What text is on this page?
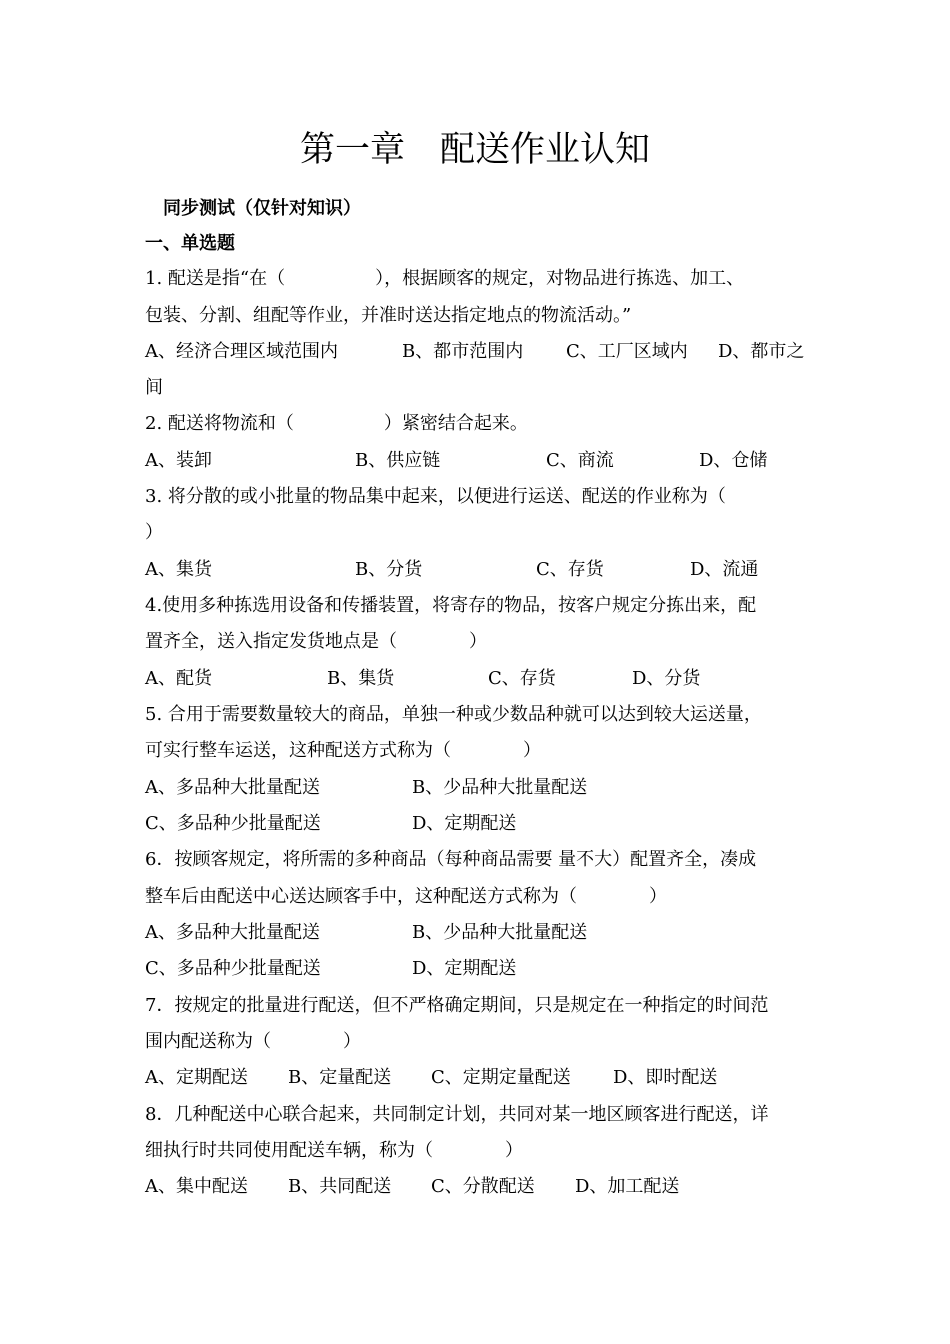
第一章　配送作业认知
同步测试（仅针对知识）
一、单选题
1. 配送是指“在（　　　　　），根据顾客的规定，对物品进行拣选、加工、
包装、分割、组配等作业，并准时送达指定地点的物流活动。”
A、经济合理区域范围内	B、都市范围内 C、工厂区域内 D、都市之
间
2. 配送将物流和（　　　　　）紧密结合起来。
A、装卸	B、供应链	C、商流	D、仓储
3. 将分散的或小批量的物品集中起来，以便进行运送、配送的作业称为（
）
A、集货	B、分货	C、存货	D、流通
4.使用多种拣选用设备和传播装置，将寄存的物品，按客户规定分拣出来，配
置齐全，送入指定发货地点是（　　　　）
A、配货	B、集货	C、存货	D、分货
5. 合用于需要数量较大的商品，单独一种或少数品种就可以达到较大运送量，
可实行整车运送，这种配送方式称为（　　　　）
A、多品种大批量配送	B、少品种大批量配送
C、多品种少批量配送	D、定期配送
6．按顾客规定，将所需的多种商品（每种商品需要 量不大）配置齐全，凑成
整车后由配送中心送达顾客手中，这种配送方式称为（　　　　）
A、多品种大批量配送	B、少品种大批量配送
C、多品种少批量配送	D、定期配送
7．按规定的批量进行配送，但不严格确定期间，只是规定在一种指定的时间范
围内配送称为（　　　　）
A、定期配送 B、定量配送 C、定期定量配送 D、即时配送
8．几种配送中心联合起来，共同制定计划，共同对某一地区顾客进行配送，详
细执行时共同使用配送车辆，称为（　　　　）
A、集中配送 B、共同配送 C、分散配送 D、加工配送
